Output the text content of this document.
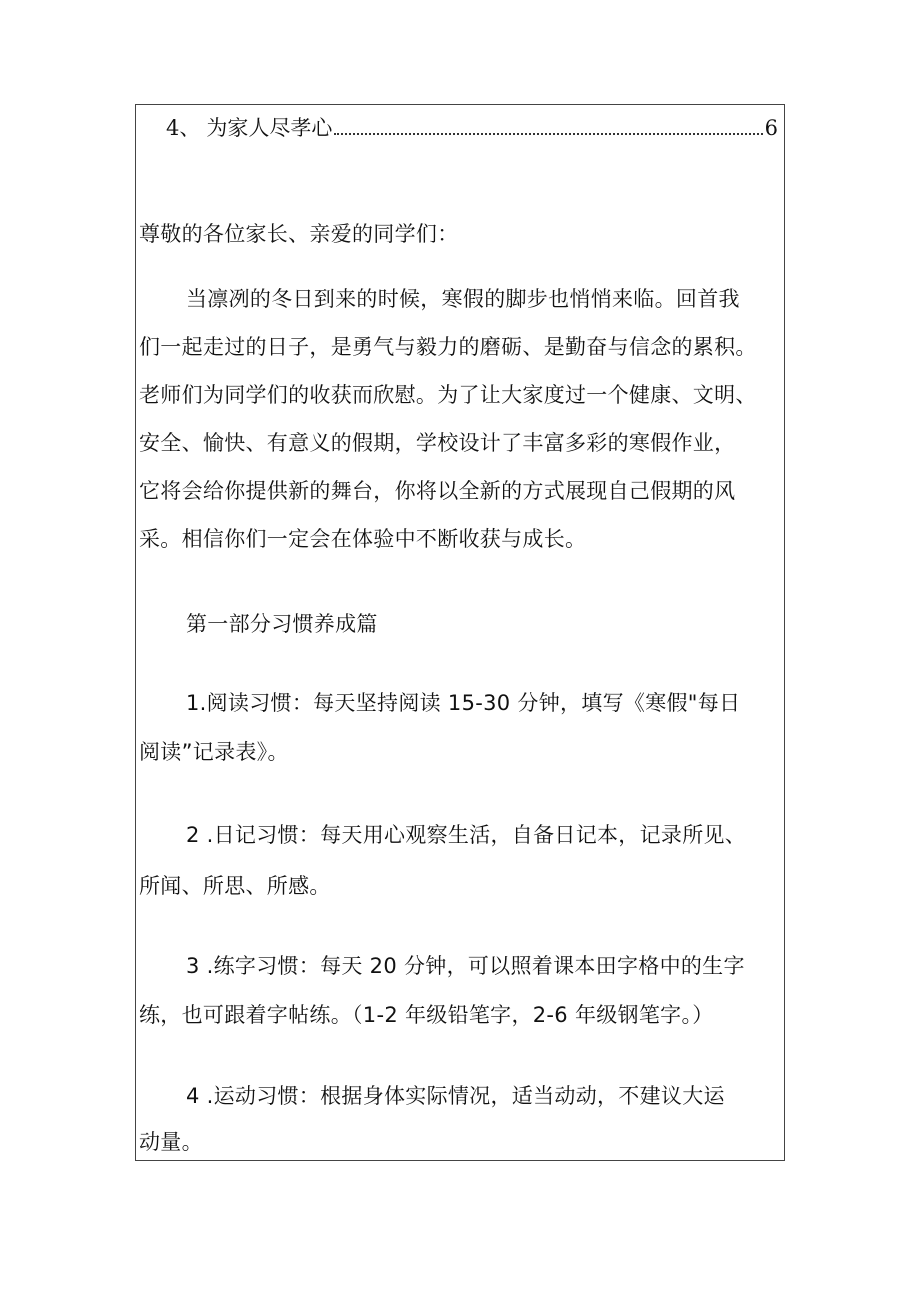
4、 为家人尽孝心	6
尊敬的各位家长、亲爱的同学们：
当凛冽的冬日到来的时候，寒假的脚步也悄悄来临。回首我
们一起走过的日子，是勇气与毅力的磨砺、是勤奋与信念的累积。
老师们为同学们的收获而欣慰。为了让大家度过一个健康、文明、
安全、愉快、有意义的假期，学校设计了丰富多彩的寒假作业，
它将会给你提供新的舞台，你将以全新的方式展现自己假期的风
采。相信你们一定会在体验中不断收获与成长。
第一部分习惯养成篇
1.阅读习惯：每天坚持阅读 15-30 分钟，填写《寒假"每日
阅读”记录表》。
2 .日记习惯：每天用心观察生活，自备日记本，记录所见、
所闻、所思、所感。
3 .练字习惯：每天 20 分钟，可以照着课本田字格中的生字
练，也可跟着字帖练。（1-2 年级铅笔字，2-6 年级钢笔字。）
4 .运动习惯：根据身体实际情况，适当动动，不建议大运
动量。
